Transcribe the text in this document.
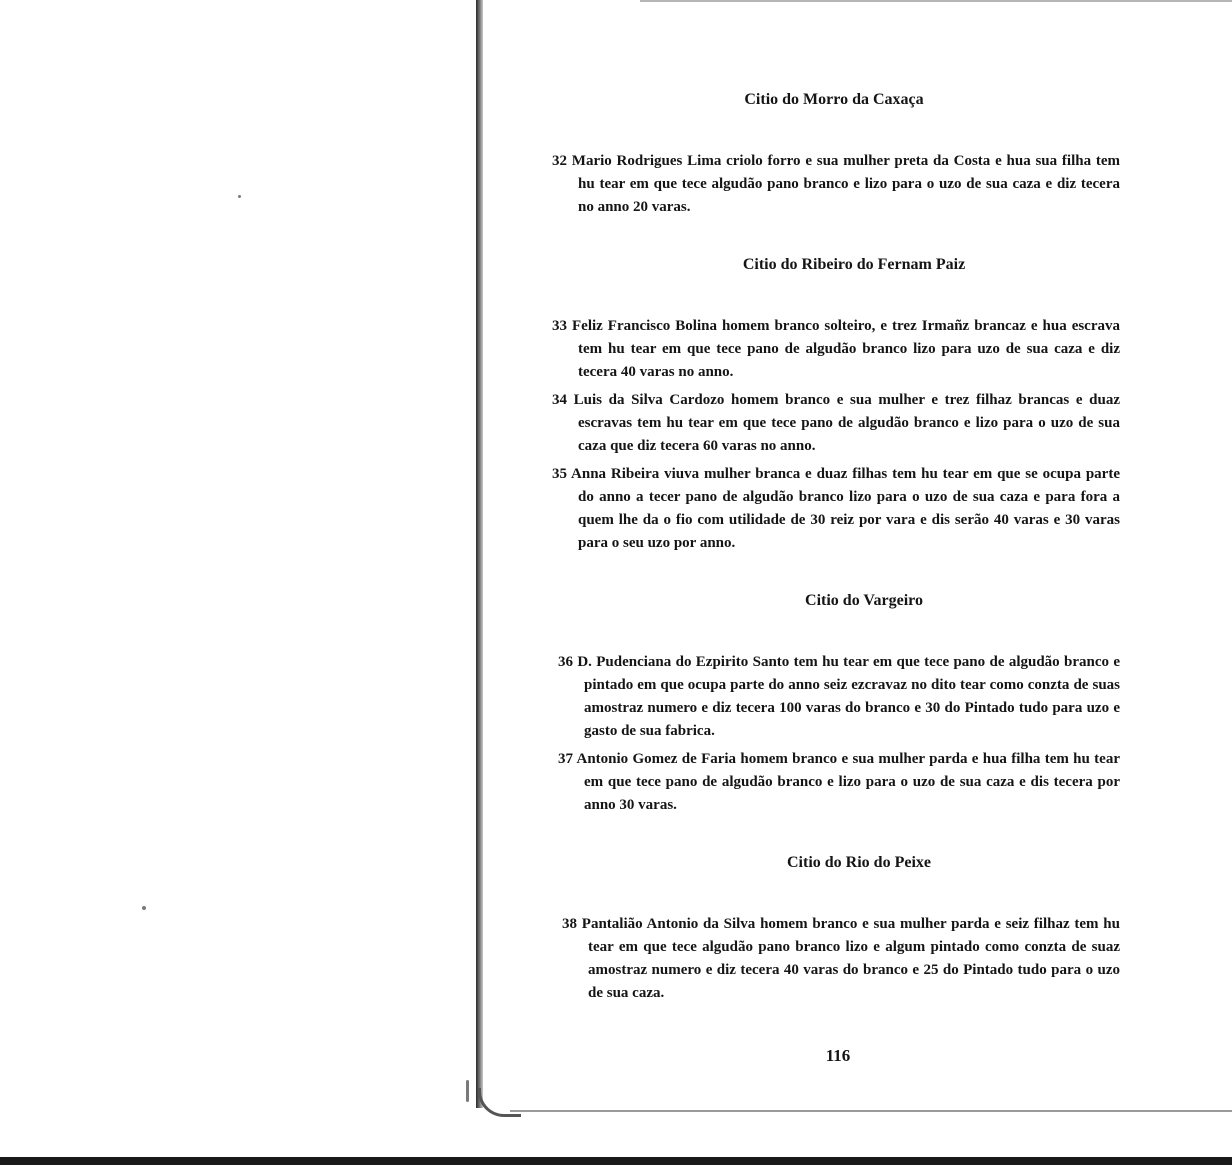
Citio do Morro da Caxaça

32 Mario Rodrigues Lima criolo forro e sua mulher preta da Costa e hua sua filha tem hu tear em que tece algudão pano branco e lizo para o uzo de sua caza e diz tecera no anno 20 varas.

Citio do Ribeiro do Fernam Paiz

33 Feliz Francisco Bolina homem branco solteiro, e trez Irmañz brancaz e hua escrava tem hu tear em que tece pano de algudão branco lizo para uzo de sua caza e diz tecera 40 varas no anno.

34 Luis da Silva Cardozo homem branco e sua mulher e trez filhaz brancas e duaz escravas tem hu tear em que tece pano de algudão branco e lizo para o uzo de sua caza que diz tecera 60 varas no anno.

35 Anna Ribeira viuva mulher branca e duaz filhas tem hu tear em que se ocupa parte do anno a tecer pano de algudão branco lizo para o uzo de sua caza e para fora a quem lhe da o fio com utilidade de 30 reiz por vara e dis serão 40 varas e 30 varas para o seu uzo por anno.

Citio do Vargeiro

36 D. Pudenciana do Ezpirito Santo tem hu tear em que tece pano de algudão branco e pintado em que ocupa parte do anno seiz ezcravaz no dito tear como conzta de suas amostraz numero e diz tecera 100 varas do branco e 30 do Pintado tudo para uzo e gasto de sua fabrica.

37 Antonio Gomez de Faria homem branco e sua mulher parda e hua filha tem hu tear em que tece pano de algudão branco e lizo para o uzo de sua caza e dis tecera por anno 30 varas.

Citio do Rio do Peixe

38 Pantalião Antonio da Silva homem branco e sua mulher parda e seiz filhaz tem hu tear em que tece algudão pano branco lizo e algum pintado como conzta de suaz amostraz numero e diz tecera 40 varas do branco e 25 do Pintado tudo para o uzo de sua caza.

116
